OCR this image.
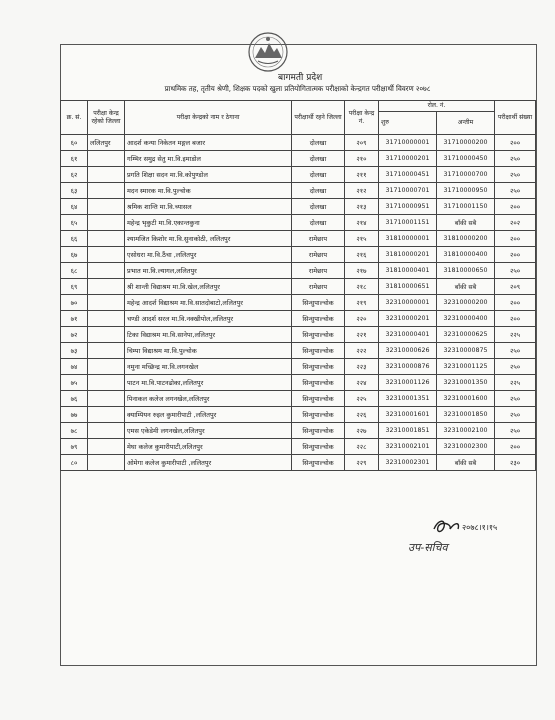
बागमती प्रदेश
प्राथमिक तह, तृतीय श्रेणी, शिक्षक पदको खुला प्रतियोगितात्मक परीक्षाको केन्द्रगत परीक्षार्थी विवरण २०७८
क्र. सं.	परीक्षा केन्द्र रहेको जिल्ला	परीक्षा केन्द्रको नाम र ठेगाना	परीक्षार्थी रहने जिल्ला	परीक्षा केन्द्र नं.	रोल. नं.		परीक्षार्थी संख्या
					शुरु	अन्तीम	
६०	ललितपुर	आदर्श कन्या निकेतन मङ्गल बजार	दोलखा	२०९	31710000001	31710000200	२००
६१		गम्भिर समुद्र सेतु मा.वि.इमाडोल	दोलखा	२१०	31710000201	31710000450	२५०
६२		प्रगति शिक्षा सदन मा.वि.कोपुण्डोल	दोलखा	२११	31710000451	31710000700	२५०
६३		मदन स्मारक मा.वि.पुल्चोक	दोलखा	२१२	31710000701	31710000950	२५०
६४		श्रमिक शान्ति मा.वि.च्यासल	दोलखा	२१३	31710000951	31710001150	२००
६५		महेन्द्र भृकुटी मा.वि.एकान्तकुना	दोलखा	२१४	31710001151	बाँकी सबै	२०२
६६		श्यामजित किशोर मा.वि.सुनाकोठी, ललितपुर	रामेछाप	२१५	31810000001	31810000200	२००
६७		एसोधरा मा.वि.ठैंचा ,ललितपुर	रामेछाप	२१६	31810000201	31810000400	२००
६८		प्रभात मा.वि.ल्यागल,ललितपुर	रामेछाप	२१७	31810000401	31810000650	२५०
६९		श्री शान्ती विद्याश्रम मा.वि.खेल,ललितपुर	रामेछाप	२१८	31810000651	बाँकी सबै	२०९
७०		महेन्द्र आदर्श विद्याश्रम मा.वि.सातदोबाटो,ललितपुर	सिन्धुपाल्चोक	२१९	32310000001	32310000200	२००
७१		चण्डी आदर्श सरल मा.वि.नक्खीपोल,ललितपुर	सिन्धुपाल्चोक	२२०	32310000201	32310000400	२००
७२		टिका विद्याश्रम मा.वि.सानेपा,ललितपुर	सिन्धुपाल्चोक	२२१	32310000401	32310000625	२२५
७३		चिम्पा विद्याश्रम मा.वि.पुल्चोक	सिन्धुपाल्चोक	२२२	32310000626	32310000875	२५०
७४		नमुना मच्छिन्द्र मा.वि.लगनखेल	सिन्धुपाल्चोक	२२३	32310000876	32310001125	२५०
७५		पाटन मा.वि.पाटनढोका,ललितपुर	सिन्धुपाल्चोक	२२४	32310001126	32310001350	२२५
७६		पिनाकल कलेज लगनखेल,ललितपुर	सिन्धुपाल्चोक	२२५	32310001351	32310001600	२५०
७७		क्याम्पियन रुइल कुमारीपाटी ,ललितपुर	सिन्धुपाल्चोक	२२६	32310001601	32310001850	२५०
७८		एमस एकेडेमी लगनखेल,ललितपुर	सिन्धुपाल्चोक	२२७	32310001851	32310002100	२५०
७९		मेघा कलेज कुमारीपाटी,ललितपुर	सिन्धुपाल्चोक	२२८	32310002101	32310002300	२००
८०		ओमेगा कलेज कुमारीपाटी ,ललितपुर	सिन्धुपाल्चोक	२२९	32310002301	बाँकी सबै	२३०
२०७८।१।१५
उप-सचिव
